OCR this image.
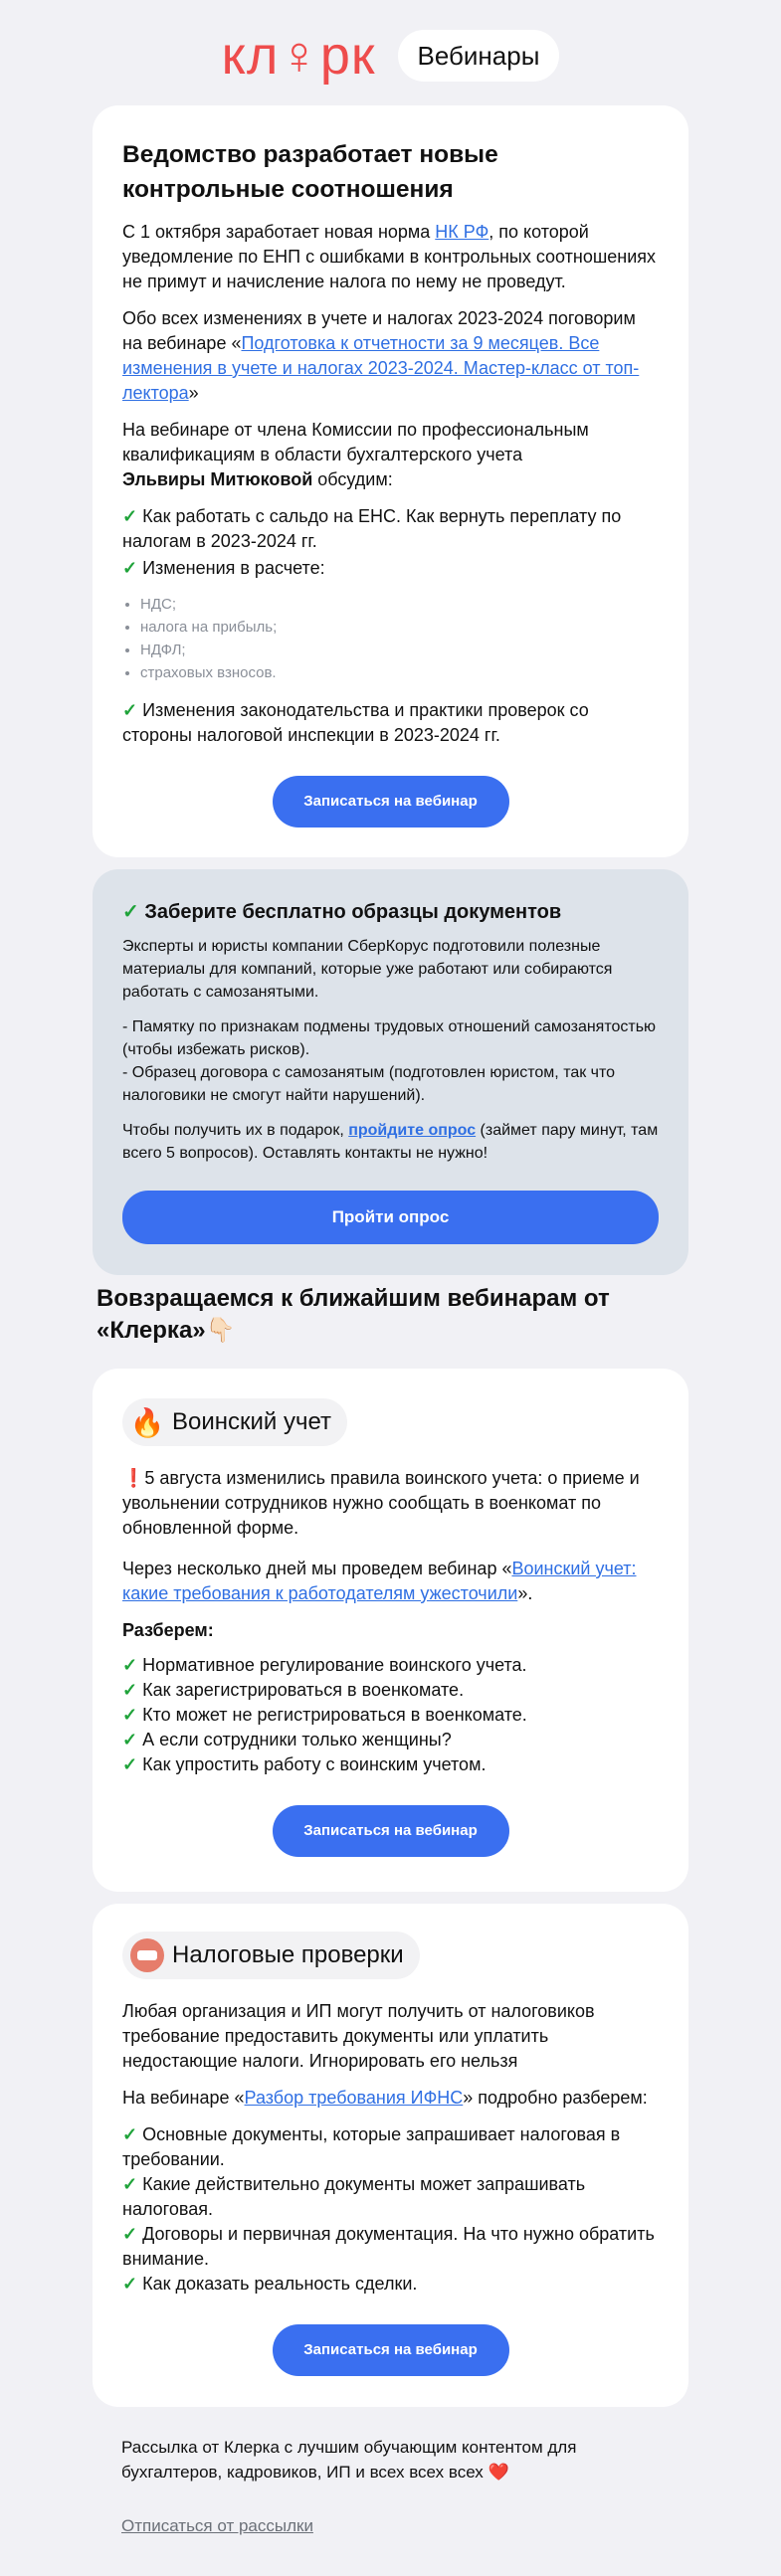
кл♀рк	Вебинары
Ведомство разработает новые контрольные соотношения

С 1 октября заработает новая норма НК РФ, по которой уведомление по ЕНП с ошибками в контрольных соотношениях не примут и начисление налога по нему не проведут.

Обо всех изменениях в учете и налогах 2023-2024 поговорим на вебинаре «Подготовка к отчетности за 9 месяцев. Все изменения в учете и налогах 2023-2024. Мастер-класс от топ-лектора»

На вебинаре от члена Комиссии по профессиональным квалификациям в области бухгалтерского учета
Эльвиры Митюковой обсудим:

✓ Как работать с сальдо на ЕНС. Как вернуть переплату по налогам в 2023-2024 гг.
✓ Изменения в расчете:
• НДС;
• налога на прибыль;
• НДФЛ;
• страховых взносов.
✓ Изменения законодательства и практики проверок со стороны налоговой инспекции в 2023-2024 гг.
Записаться на вебинар
✓ Заберите бесплатно образцы документов

Эксперты и юристы компании СберКорус подготовили полезные материалы для компаний, которые уже работают или собираются работать с самозанятыми.

- Памятку по признакам подмены трудовых отношений самозанятостью (чтобы избежать рисков).
- Образец договора с самозанятым (подготовлен юристом, так что налоговики не смогут найти нарушений).

Чтобы получить их в подарок, пройдите опрос (займет пару минут, там всего 5 вопросов). Оставлять контакты не нужно!

Пройти опрос
Вовзращаемся к ближайшим вебинарам от «Клерка»👇🏻
🔥 Воинский учет

❗5 августа изменились правила воинского учета: о приеме и увольнении сотрудников нужно сообщать в военкомат по обновленной форме.

Через несколько дней мы проведем вебинар «Воинский учет: какие требования к работодателям ужесточили».

Разберем:

✓ Нормативное регулирование воинского учета.
✓ Как зарегистрироваться в военкомате.
✓ Кто может не регистрироваться в военкомате.
✓ А если сотрудники только женщины?
✓ Как упростить работу с воинским учетом.
Записаться на вебинар
Налоговые проверки

Любая организация и ИП могут получить от налоговиков требование предоставить документы или уплатить недостающие налоги. Игнорировать его нельзя

На вебинаре «Разбор требования ИФНС» подробно разберем:

✓ Основные документы, которые запрашивает налоговая в требовании.
✓ Какие действительно документы может запрашивать налоговая.
✓ Договоры и первичная документация. На что нужно обратить внимание.
✓ Как доказать реальность сделки.
Записаться на вебинар

Рассылка от Клерка с лучшим обучающим контентом для бухгалтеров, кадровиков, ИП и всех всех всех ❤️

Отписаться от рассылки
